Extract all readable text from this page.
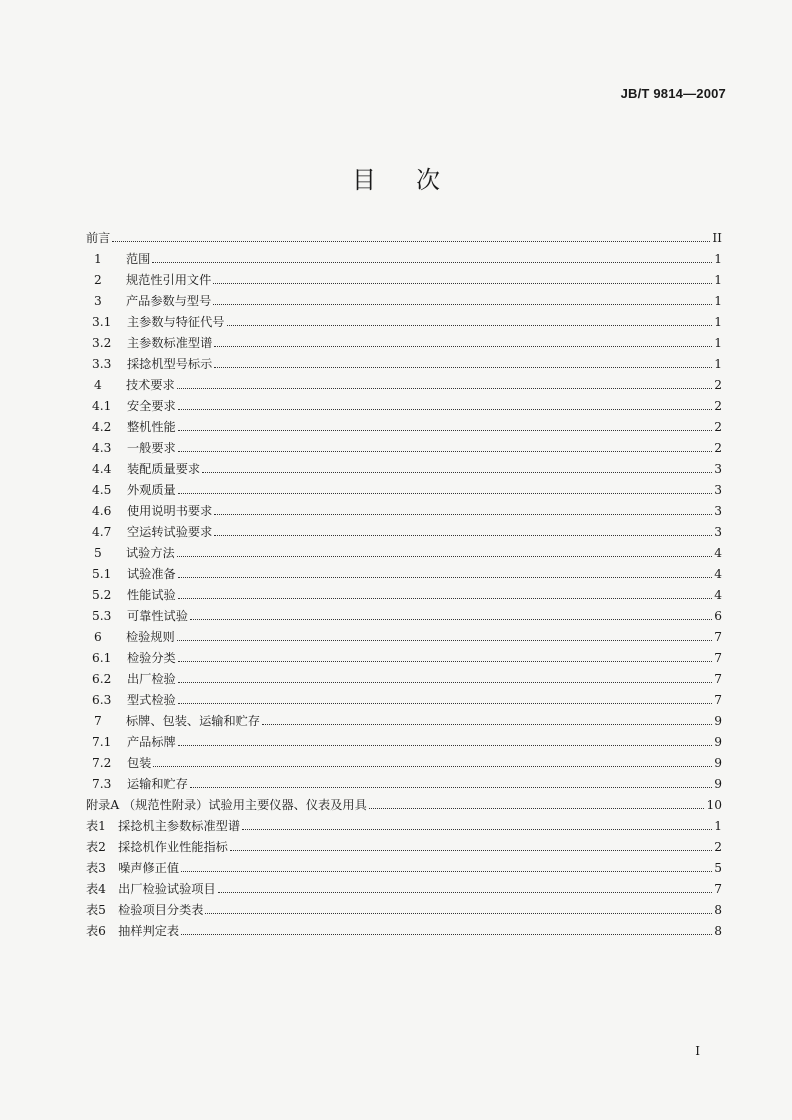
JB/T 9814—2007
目次
前言	II
1	范围	1
2	规范性引用文件	1
3	产品参数与型号	1
3.1	主参数与特征代号	1
3.2	主参数标准型谱	1
3.3	採捻机型号标示	1
4	技术要求	2
4.1	安全要求	2
4.2	整机性能	2
4.3	一般要求	2
4.4	装配质量要求	3
4.5	外观质量	3
4.6	使用说明书要求	3
4.7	空运转试验要求	3
5	试验方法	4
5.1	试验准备	4
5.2	性能试验	4
5.3	可靠性试验	6
6	检验规则	7
6.1	检验分类	7
6.2	出厂检验	7
6.3	型式检验	7
7	标牌、包装、运输和贮存	9
7.1	产品标牌	9
7.2	包装	9
7.3	运输和贮存	9
附录A （规范性附录）试验用主要仪器、仪表及用具	10
表1　採捻机主参数标准型谱	1
表2　採捻机作业性能指标	2
表3　噪声修正值	5
表4　出厂检验试验项目	7
表5　检验项目分类表	8
表6　抽样判定表	8
I
